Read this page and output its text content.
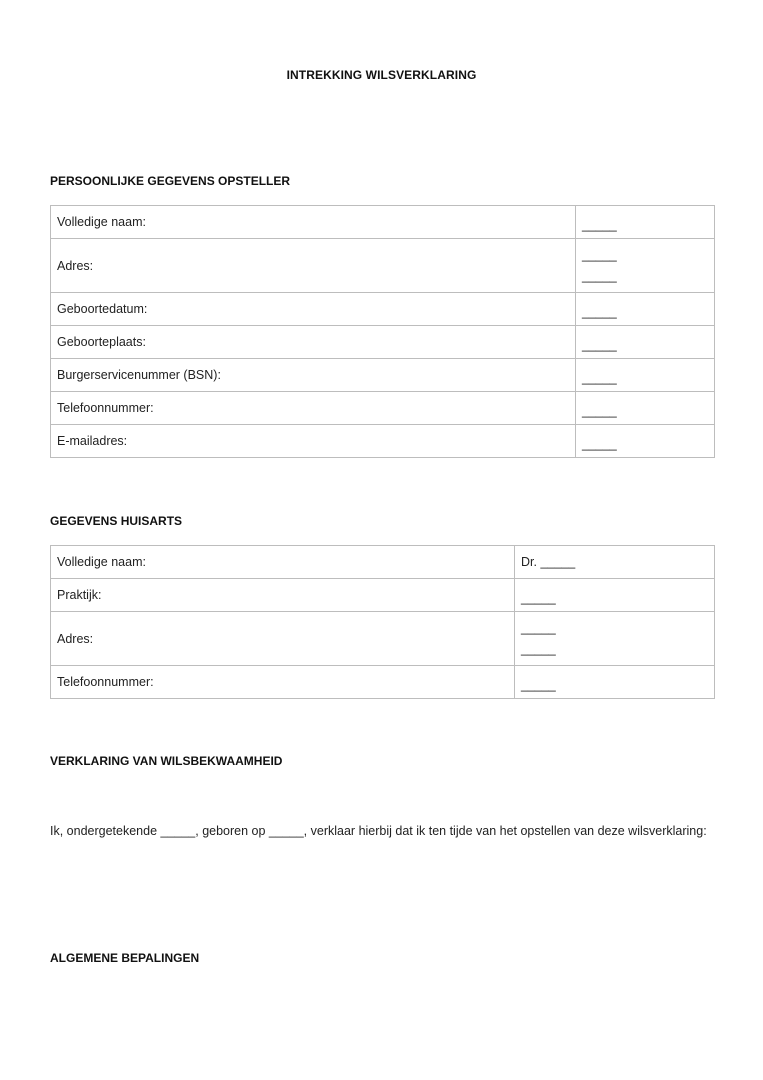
INTREKKING WILSVERKLARING
PERSOONLIJKE GEGEVENS OPSTELLER
Volledige naam:	_____

Adres:	_____
_____

Geboortedatum:	_____

Geboorteplaats:	_____

Burgerservicenummer (BSN):	_____

Telefoonnummer:	_____

E-mailadres:	_____
GEGEVENS HUISARTS
Volledige naam:	Dr. _____
Praktijk:	_____

Adres:	_____
_____

Telefoonnummer:	_____
VERKLARING VAN WILSBEKWAAMHEID
Ik, ondergetekende _____, geboren op _____, verklaar hierbij dat ik ten tijde van het opstellen van deze wilsverklaring:
ALGEMENE BEPALINGEN
